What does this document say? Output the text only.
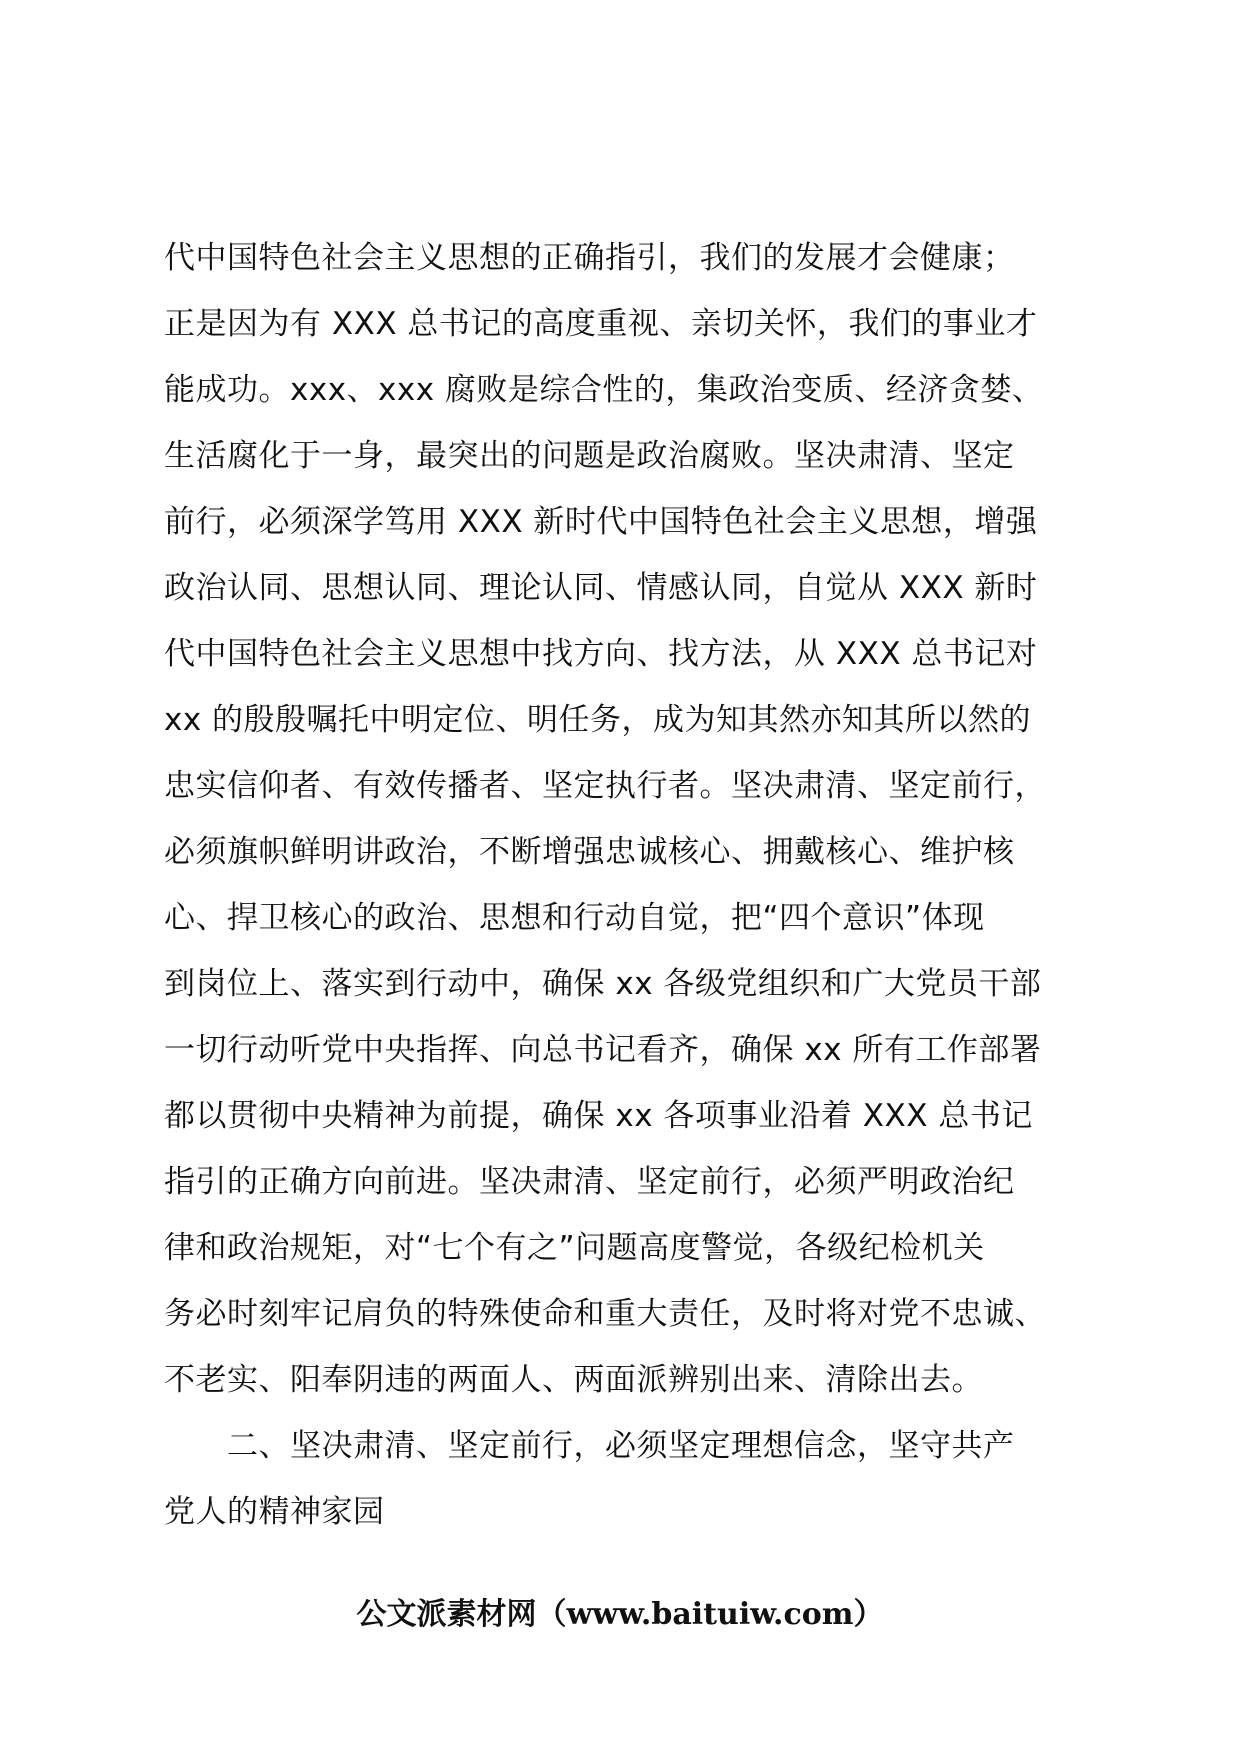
代中国特色社会主义思想的正确指引，我们的发展才会健康；
正是因为有 XXX 总书记的高度重视、亲切关怀，我们的事业才
能成功。xxx、xxx 腐败是综合性的，集政治变质、经济贪婪、
生活腐化于一身，最突出的问题是政治腐败。坚决肃清、坚定
前行，必须深学笃用 XXX 新时代中国特色社会主义思想，增强
政治认同、思想认同、理论认同、情感认同，自觉从 XXX 新时
代中国特色社会主义思想中找方向、找方法，从 XXX 总书记对
xx 的殷殷嘱托中明定位、明任务，成为知其然亦知其所以然的
忠实信仰者、有效传播者、坚定执行者。坚决肃清、坚定前行，
必须旗帜鲜明讲政治，不断增强忠诚核心、拥戴核心、维护核
心、捍卫核心的政治、思想和行动自觉，把“四个意识”体现
到岗位上、落实到行动中，确保 xx 各级党组织和广大党员干部
一切行动听党中央指挥、向总书记看齐，确保 xx 所有工作部署
都以贯彻中央精神为前提，确保 xx 各项事业沿着 XXX 总书记
指引的正确方向前进。坚决肃清、坚定前行，必须严明政治纪
律和政治规矩，对“七个有之”问题高度警觉，各级纪检机关
务必时刻牢记肩负的特殊使命和重大责任，及时将对党不忠诚、
不老实、阳奉阴违的两面人、两面派辨别出来、清除出去。
　　二、坚决肃清、坚定前行，必须坚定理想信念，坚守共产
党人的精神家园
公文派素材网（www.baituiw.com）
